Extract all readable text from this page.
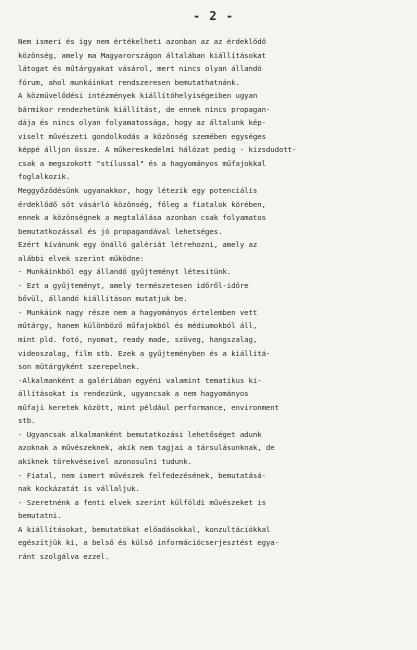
- 2 -
Nem ismeri és így nem értékelheti azonban az az érdeklődő
közönség, amely ma Magyarországon általában kiállításokat
látogat és műtárgyakat vásárol, mert nincs olyan állandó
fórum, ahol munkáinkat rendszeresen bemutathatnánk.
A közművelődési intézmények kiállítóhelyiségeiben ugyan
bármikor rendezhetünk kiállítást, de ennek nincs propagan-
dája és nincs olyan folyamatossága, hogy az általunk kép-
viselt művészeti gondolkodás a közönség szemében egységes
képpé álljon össze. A műkereskedelmi hálózat pedig - kizsdudott-
csak a megszokott "stílussal" és a hagyományos műfajokkal
foglalkozik.
Meggyőződésünk ugyanakkor, hogy létezik egy potenciális
érdeklődő sőt vásárló közönség, főleg a fiatalok körében,
ennek a közönségnek a megtalálása azonban csak folyamatos
bemutatkozással és jó propagandával lehetséges.
Ezért kívánunk egy önálló galériát létrehozni, amely az
alábbi elvek szerint működne:
- Munkáinkból egy állandó gyűjteményt létesítünk.
- Ezt a gyűjteményt, amely természetesen időről-időre
bővül, állandó kiállításon mutatjuk be.
- Munkáink nagy része nem a hagyományos értelemben vett
műtárgy, hanem különböző műfajokból és médiumokból áll,
mint pld. fotó, nyomat, ready made, szöveg, hangszalag,
videoszalag, film stb. Ezek a gyűjteményben és a kiállítá-
son műtárgyként szerepelnek.
-Alkalmanként a galériában egyéni valamint tematikus ki-
állításokat is rendezünk, ugyancsak a nem hagyományos
műfaji keretek között, mint például performance, environment
stb.
- Ugyancsak alkalmanként bemutatkozási lehetőséget adunk
azoknak a művészeknek, akik nem tagjai a társulásunknak, de
akiknek törekvéseivel azonosulni tudunk.
- Fiatal, nem ismert művészek felfedezésének, bemutatásá-
nak kockázatát is vállaljuk.
- Szeretnénk a fenti elvek szerint külföldi művészeket is
bemutatni.
A kiállításokat, bemutatókat előadásokkal, konzultációkkal
egészítjük ki, a belső és külső információcserjesztést egya-
ránt szolgálva ezzel.
